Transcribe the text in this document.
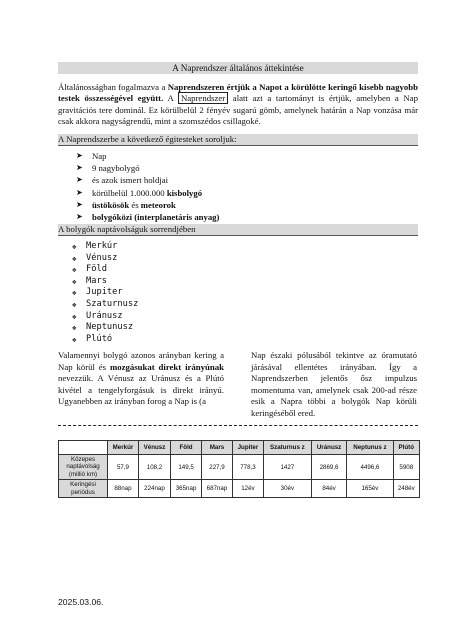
A Naprendszer általános áttekintése
Általánosságban fogalmazva a Naprendszeren értjük a Napot a körülötte keringő kisebb nagyobb testek összességével együtt. A Naprendszer alatt azt a tartományt is értjük, amelyben a Nap gravitációs tere dominál. Ez körülbelül 2 fényév sugarú gömb, amelynek határán a Nap vonzása már csak akkora nagyságrendű, mint a szomszédos csillagoké.
A Naprendszerbe a következő égitesteket soroljuk:
➤ Nap
➤ 9 nagybolygó
➤ és azok ismert holdjai
➤ körülbelül 1.000.000 kisbolygó
➤ üstökösök és meteorok
➤ bolygóközi (interplanetáris anyag)
A bolygók naptávolságuk sorrendjében
❖ Merkúr
❖ Vénusz
❖ Föld
❖ Mars
❖ Jupiter
❖ Szaturnusz
❖ Uránusz
❖ Neptunusz
❖ Plútó
Valamennyi bolygó azonos arányban kering a Nap körül és mozgásukat direkt irányúnak nevezzük. A Vénusz az Uránusz és a Plútó kivétel a tengelyforgásuk is direkt irányú. Ugyanebben az irányban forog a Nap is (a
Nap északi pólusából tekintve az óramutató járásával ellentétes irányában. Így a Naprendszerben jelentős ősz impulzus momentuma van, amelynek csak 200-ad része esik a Napra többi a bolygók Nap körüli keringéséből ered.
	Merkúr	Vénusz	Föld	Mars	Jupiter	Szaturnus z	Uránusz	Neptunus z	Plútó
Közepes naptávolság (millió km)	57,9	108,2	149,5	227,9	778,3	1427	2869,6	4496,6	5908
Keringési periódus	88nap	224nap	365nap	687nap	12év	30év	84év	165év	248év
2025.03.06.
